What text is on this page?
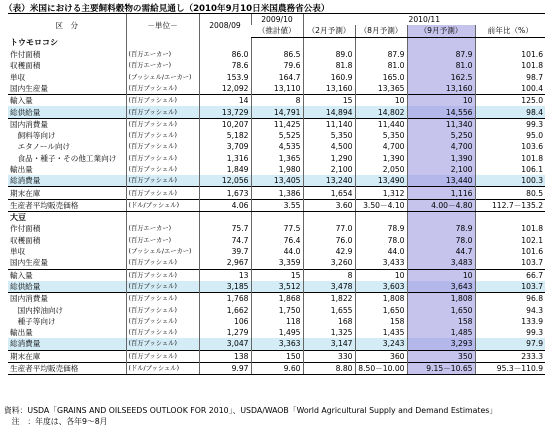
（表）米国における主要飼料穀物の需給見通し（2010年9月10日米国農務省公表）
区　分	－単位－	2008/09	2009/10	2010/11			
			（推計値）	（2月予測）	（8月予測）	（9月予測）	前年比（%）
トウモロコシ							
作付面積	(百万エーカー)	86.0	86.5	89.0	87.9	87.9	101.6
収穫面積	(百万エーカー)	78.6	79.6	81.8	81.0	81.0	101.8
単収	(ブッシェル/エーカー)	153.9	164.7	160.9	165.0	162.5	98.7
国内生産量	(百万ブッシェル)	12,092	13,110	13,160	13,365	13,160	100.4
輸入量	(百万ブッシェル)	14	8	15	10	10	125.0
総供給量	(百万ブッシェル)	13,729	14,791	14,894	14,802	14,556	98.4
国内消費量	(百万ブッシェル)	10,207	11,425	11,140	11,440	11,340	99.3
　飼料等向け	(百万ブッシェル)	5,182	5,525	5,350	5,350	5,250	95.0
　エタノール向け	(百万ブッシェル)	3,709	4,535	4,500	4,700	4,700	103.6
　食品・種子・その他工業向け	(百万ブッシェル)	1,316	1,365	1,290	1,390	1,390	101.8
輸出量	(百万ブッシェル)	1,849	1,980	2,100	2,050	2,100	106.1
総消費量	(百万ブッシェル)	12,056	13,405	13,240	13,490	13,440	100.3
期末在庫	(百万ブッシェル)	1,673	1,386	1,654	1,312	1,116	80.5
生産者平均販売価格	(ドル/ブッシェル)	4.06	3.55	3.60	3.50－4.10	4.00－4.80	112.7－135.2
大豆							
作付面積	(百万エーカー)	75.7	77.5	77.0	78.9	78.9	101.8
収穫面積	(百万エーカー)	74.7	76.4	76.0	78.0	78.0	102.1
単収	(ブッシェル/エーカー)	39.7	44.0	42.9	44.0	44.7	101.6
国内生産量	(百万ブッシェル)	2,967	3,359	3,260	3,433	3,483	103.7
輸入量	(百万ブッシェル)	13	15	8	10	10	66.7
総供給量	(百万ブッシェル)	3,185	3,512	3,478	3,603	3,643	103.7
国内消費量	(百万ブッシェル)	1,768	1,868	1,822	1,808	1,808	96.8
　国内搾油向け	(百万ブッシェル)	1,662	1,750	1,655	1,650	1,650	94.3
　種子等向け	(百万ブッシェル)	106	118	168	158	158	133.9
輸出量	(百万ブッシェル)	1,279	1,495	1,325	1,435	1,485	99.3
総消費量	(百万ブッシェル)	3,047	3,363	3,147	3,243	3,293	97.9
期末在庫	(百万ブッシェル)	138	150	330	360	350	233.3
生産者平均販売価格	(ドル/ブッシェル)	9.97	9.60	8.80	8.50－10.00	9.15－10.65	95.3－110.9
資料：USDA「GRAINS AND OILSEEDS OUTLOOK FOR 2010」、USDA/WAOB「World Agricultural Supply and Demand Estimates」
　注　：年度は、各年9～8月
